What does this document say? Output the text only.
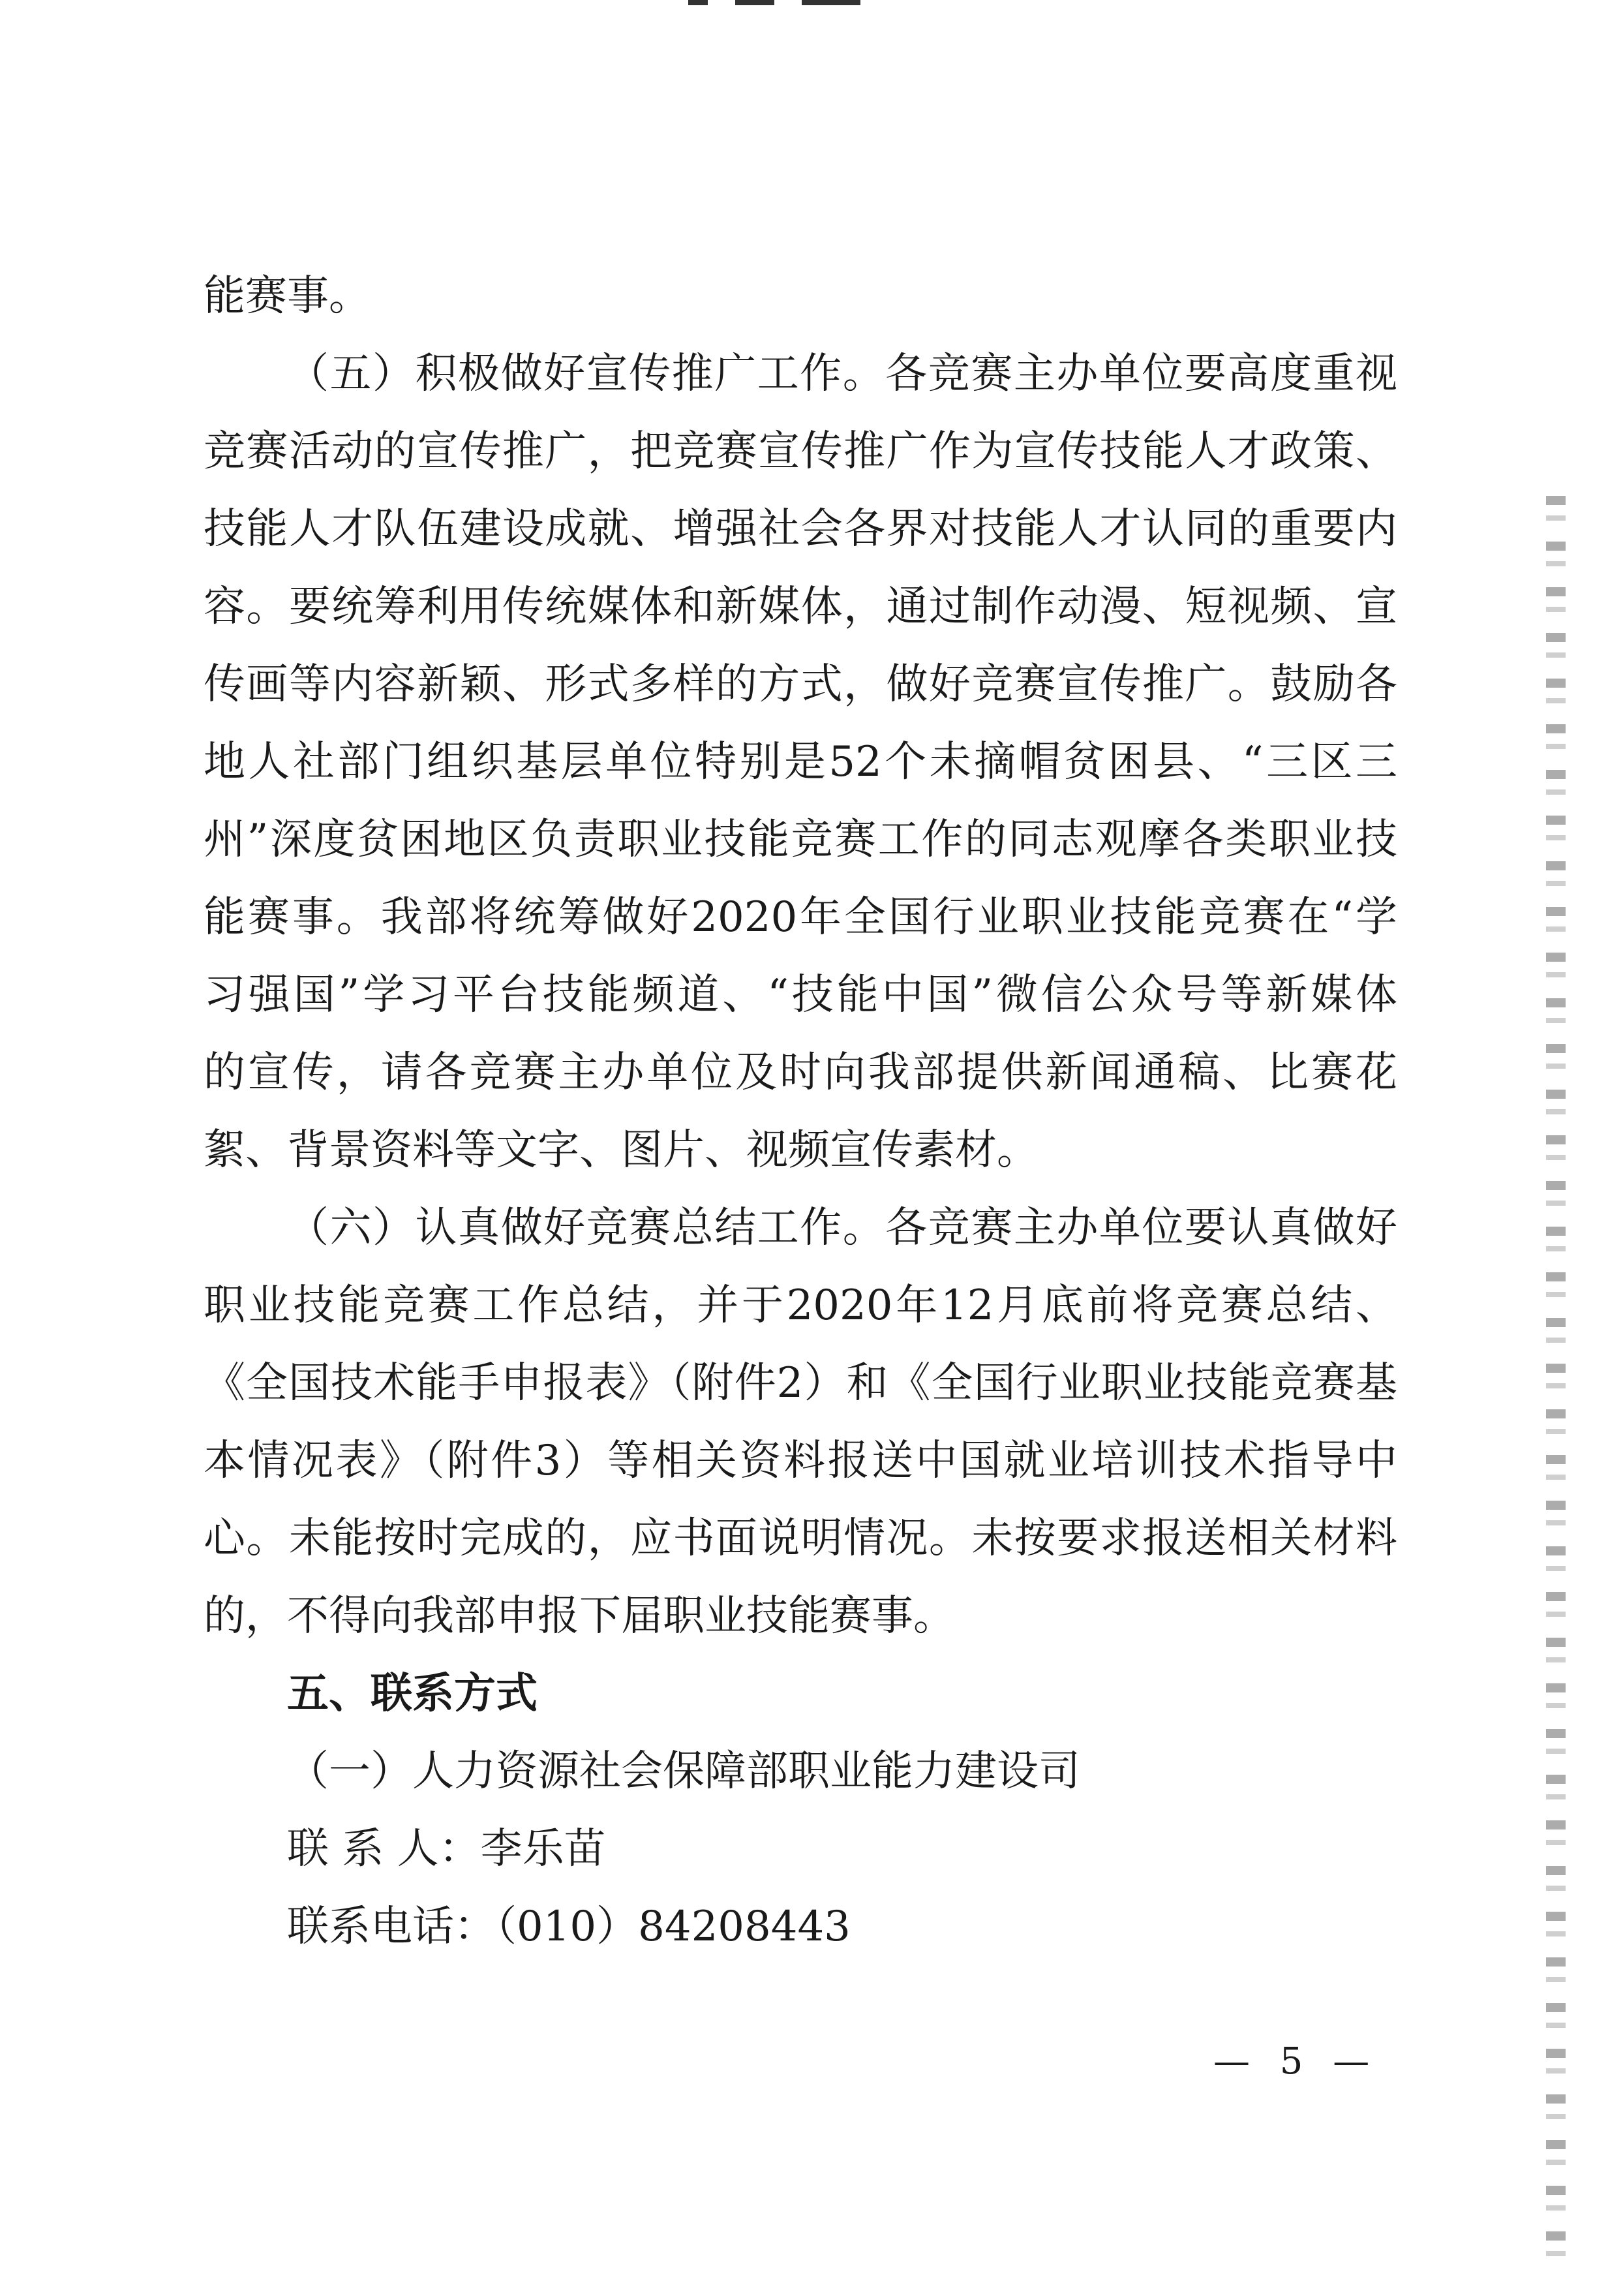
能赛事。
（五）积极做好宣传推广工作。各竞赛主办单位要高度重视
竞赛活动的宣传推广，把竞赛宣传推广作为宣传技能人才政策、
技能人才队伍建设成就、增强社会各界对技能人才认同的重要内
容。要统筹利用传统媒体和新媒体，通过制作动漫、短视频、宣
传画等内容新颖、形式多样的方式，做好竞赛宣传推广。鼓励各
地人社部门组织基层单位特别是52个未摘帽贫困县、“三区三
州”深度贫困地区负责职业技能竞赛工作的同志观摩各类职业技
能赛事。我部将统筹做好2020年全国行业职业技能竞赛在“学
习强国”学习平台技能频道、“技能中国”微信公众号等新媒体
的宣传，请各竞赛主办单位及时向我部提供新闻通稿、比赛花
絮、背景资料等文字、图片、视频宣传素材。
（六）认真做好竞赛总结工作。各竞赛主办单位要认真做好
职业技能竞赛工作总结，并于2020年12月底前将竞赛总结、
《全国技术能手申报表》（附件2）和《全国行业职业技能竞赛基
本情况表》（附件3）等相关资料报送中国就业培训技术指导中
心。未能按时完成的，应书面说明情况。未按要求报送相关材料
的，不得向我部申报下届职业技能赛事。
五、联系方式
（一）人力资源社会保障部职业能力建设司
联 系 人：李乐苗
联系电话：（010）84208443
— 5 —
